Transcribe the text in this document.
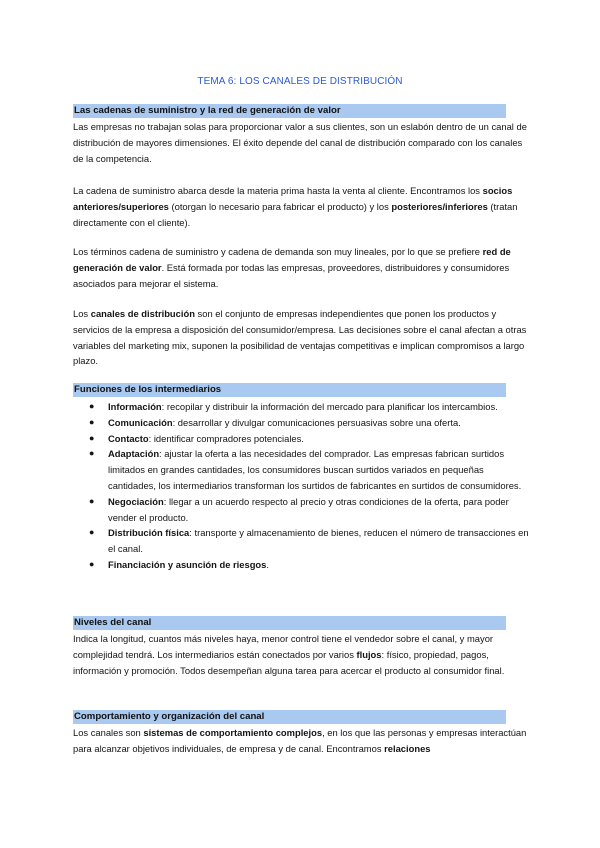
TEMA 6: LOS CANALES DE DISTRIBUCIÓN
Las cadenas de suministro y la red de generación de valor
Las empresas no trabajan solas para proporcionar valor a sus clientes, son un eslabón dentro de un canal de distribución de mayores dimensiones. El éxito depende del canal de distribución comparado con los canales de la competencia.
La cadena de suministro abarca desde la materia prima hasta la venta al cliente. Encontramos los socios anteriores/superiores (otorgan lo necesario para fabricar el producto) y los posteriores/inferiores (tratan directamente con el cliente).
Los términos cadena de suministro y cadena de demanda son muy lineales, por lo que se prefiere red de generación de valor. Está formada por todas las empresas, proveedores, distribuidores y consumidores asociados para mejorar el sistema.
Los canales de distribución son el conjunto de empresas independientes que ponen los productos y servicios de la empresa a disposición del consumidor/empresa. Las decisiones sobre el canal afectan a otras variables del marketing mix, suponen la posibilidad de ventajas competitivas e implican compromisos a largo plazo.
Funciones de los intermediarios
● Información: recopilar y distribuir la información del mercado para planificar los intercambios.
● Comunicación: desarrollar y divulgar comunicaciones persuasivas sobre una oferta.
● Contacto: identificar compradores potenciales.
● Adaptación: ajustar la oferta a las necesidades del comprador. Las empresas fabrican surtidos limitados en grandes cantidades, los consumidores buscan surtidos variados en pequeñas cantidades, los intermediarios transforman los surtidos de fabricantes en surtidos de consumidores.
● Negociación: llegar a un acuerdo respecto al precio y otras condiciones de la oferta, para poder vender el producto.
● Distribución física: transporte y almacenamiento de bienes, reducen el número de transacciones en el canal.
● Financiación y asunción de riesgos.
Niveles del canal
Indica la longitud, cuantos más niveles haya, menor control tiene el vendedor sobre el canal, y mayor complejidad tendrá. Los intermediarios están conectados por varios flujos: físico, propiedad, pagos, información y promoción. Todos desempeñan alguna tarea para acercar el producto al consumidor final.
Comportamiento y organización del canal
Los canales son sistemas de comportamiento complejos, en los que las personas y empresas interactúan para alcanzar objetivos individuales, de empresa y de canal. Encontramos relaciones
